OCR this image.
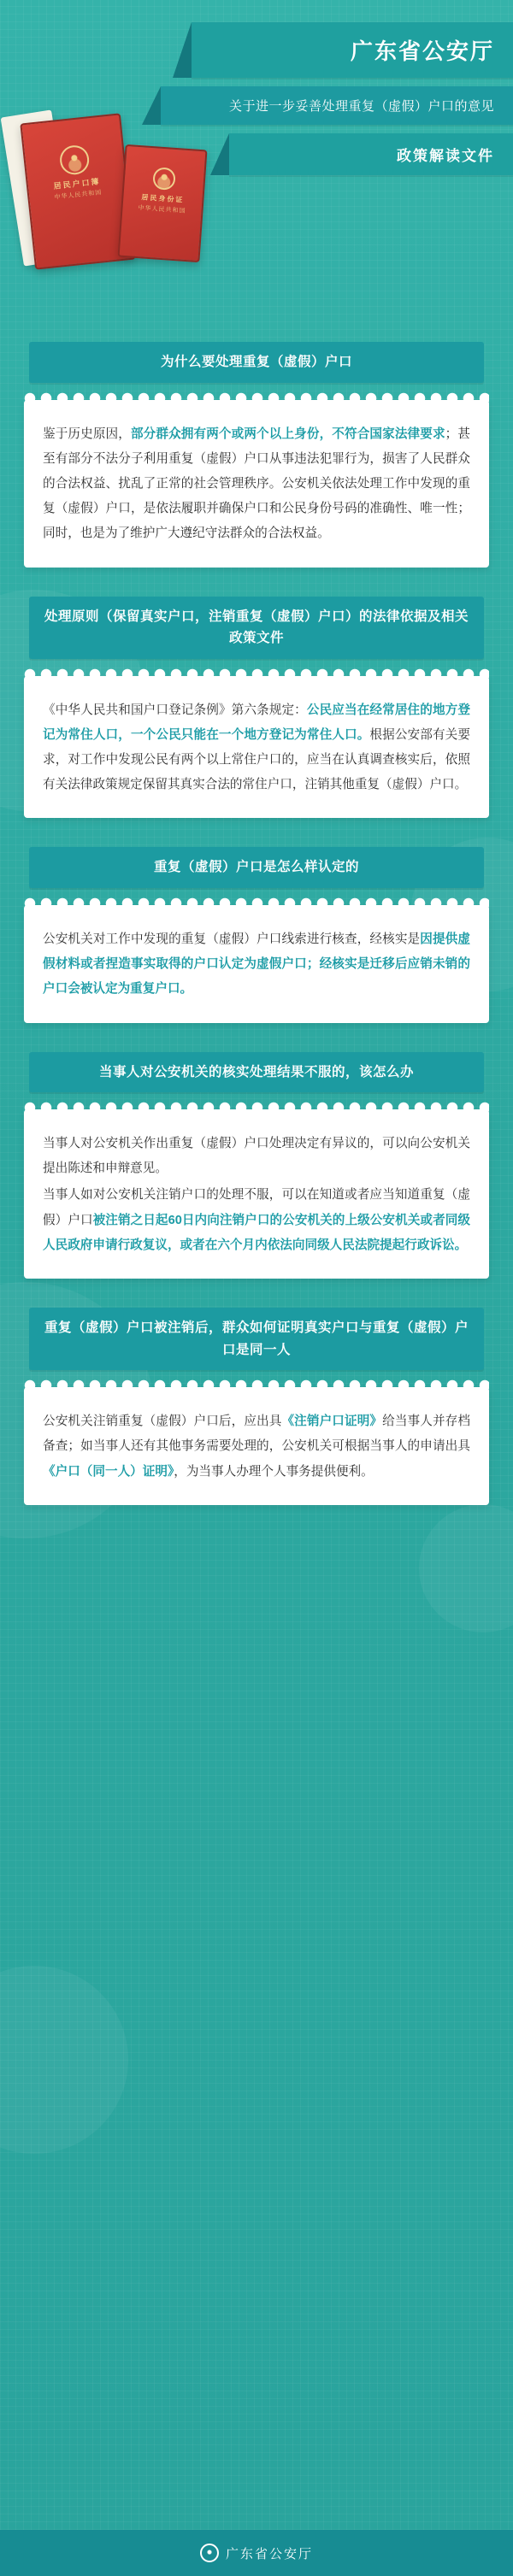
广东省公安厅
关于进一步妥善处理重复（虚假）户口的意见
政策解读文件
居民户口簿
中华人民共和国	居民身份证
中华人民共和国
为什么要处理重复（虚假）户口

鉴于历史原因，部分群众拥有两个或两个以上身份，不符合国家法律要求；甚至有部分不法分子利用重复（虚假）户口从事违法犯罪行为，损害了人民群众的合法权益、扰乱了正常的社会管理秩序。公安机关依法处理工作中发现的重复（虚假）户口，是依法履职并确保户口和公民身份号码的准确性、唯一性；同时，也是为了维护广大遵纪守法群众的合法权益。

处理原则（保留真实户口，注销重复（虚假）户口）的法律依据及相关政策文件

《中华人民共和国户口登记条例》第六条规定：公民应当在经常居住的地方登记为常住人口，一个公民只能在一个地方登记为常住人口。根据公安部有关要求，对工作中发现公民有两个以上常住户口的，应当在认真调查核实后，依照有关法律政策规定保留其真实合法的常住户口，注销其他重复（虚假）户口。

重复（虚假）户口是怎么样认定的

公安机关对工作中发现的重复（虚假）户口线索进行核查，经核实是因提供虚假材料或者捏造事实取得的户口认定为虚假户口；经核实是迁移后应销未销的户口会被认定为重复户口。

当事人对公安机关的核实处理结果不服的，该怎么办

当事人对公安机关作出重复（虚假）户口处理决定有异议的，可以向公安机关提出陈述和申辩意见。

当事人如对公安机关注销户口的处理不服，可以在知道或者应当知道重复（虚假）户口被注销之日起60日内向注销户口的公安机关的上级公安机关或者同级人民政府申请行政复议，或者在六个月内依法向同级人民法院提起行政诉讼。

重复（虚假）户口被注销后，群众如何证明真实户口与重复（虚假）户口是同一人

公安机关注销重复（虚假）户口后，应出具《注销户口证明》给当事人并存档备查；如当事人还有其他事务需要处理的，公安机关可根据当事人的申请出具《户口（同一人）证明》，为当事人办理个人事务提供便利。

广东省公安厅
